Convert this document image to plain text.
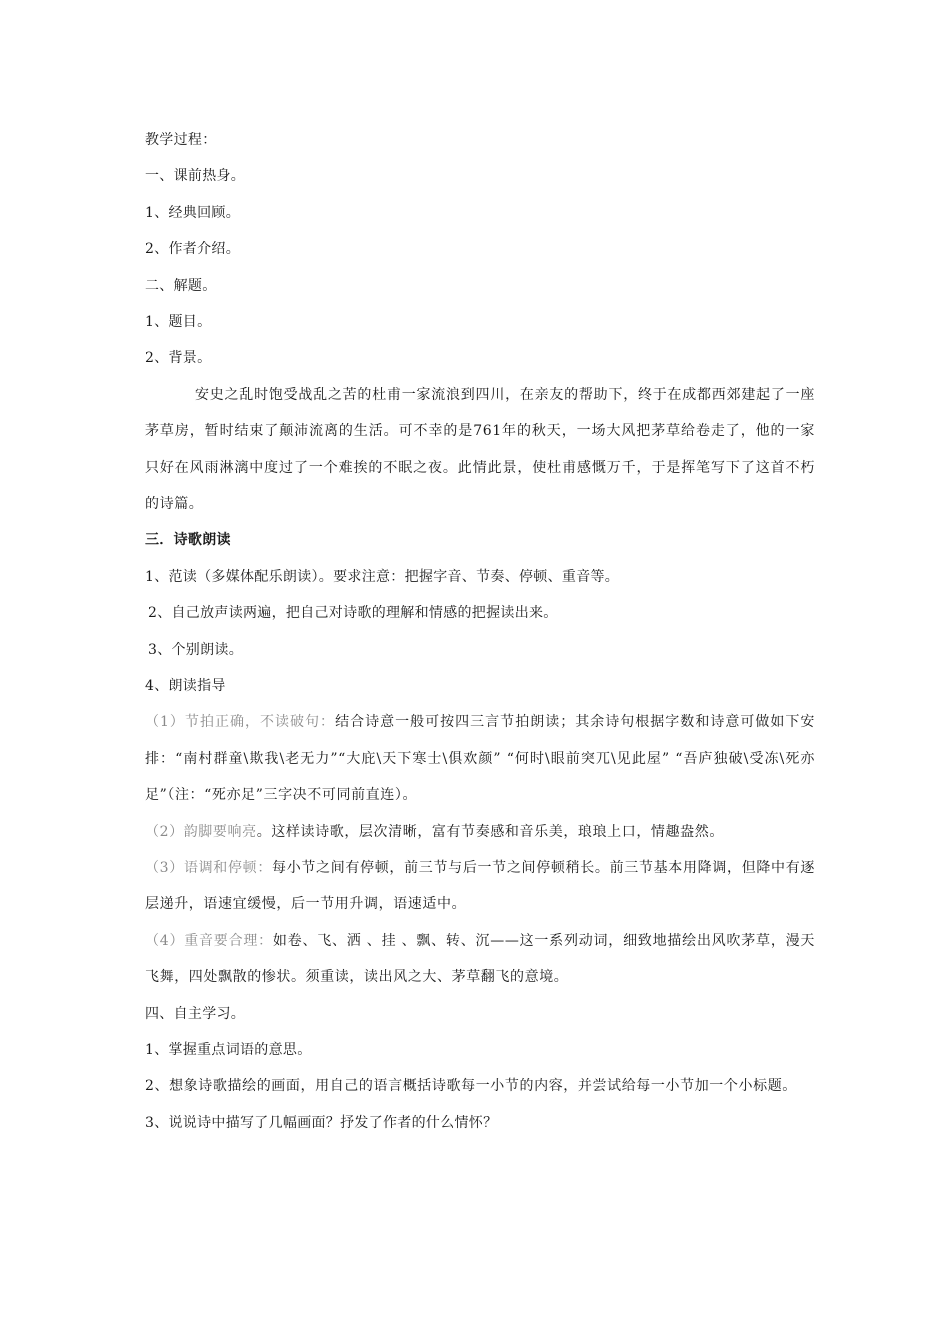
教学过程：
一、课前热身。
1、经典回顾。
2、作者介绍。
二、解题。
1、题目。
2、背景。

安史之乱时饱受战乱之苦的杜甫一家流浪到四川，在亲友的帮助下，终于在成都西郊建起了一座茅草房，暂时结束了颠沛流离的生活。可不幸的是761年的秋天，一场大风把茅草给卷走了，他的一家只好在风雨淋漓中度过了一个难挨的不眠之夜。此情此景，使杜甫感慨万千，于是挥笔写下了这首不朽的诗篇。

三．诗歌朗读
1、范读（多媒体配乐朗读）。要求注意：把握字音、节奏、停顿、重音等。
2、自己放声读两遍，把自己对诗歌的理解和情感的把握读出来。
3、个别朗读。
4、朗读指导

（1）节拍正确，不读破句：结合诗意一般可按四三言节拍朗读；其余诗句根据字数和诗意可做如下安排：“南村群童\欺我\老无力”“大庇\天下寒士\俱欢颜” “何时\眼前突兀\见此屋” “吾庐独破\受冻\死亦足”（注：“死亦足”三字决不可同前直连）。

（2）韵脚要响亮。这样读诗歌，层次清晰，富有节奏感和音乐美，琅琅上口，情趣盎然。

（3）语调和停顿：每小节之间有停顿，前三节与后一节之间停顿稍长。前三节基本用降调，但降中有逐层递升，语速宜缓慢，后一节用升调，语速适中。

（4）重音要合理：如卷、飞、洒 、挂 、飘、转、沉——这一系列动词，细致地描绘出风吹茅草，漫天飞舞，四处飘散的惨状。须重读，读出风之大、茅草翻飞的意境。

四、自主学习。
1、掌握重点词语的意思。

2、想象诗歌描绘的画面，用自己的语言概括诗歌每一小节的内容，并尝试给每一小节加一个小标题。

3、说说诗中描写了几幅画面？抒发了作者的什么情怀？
